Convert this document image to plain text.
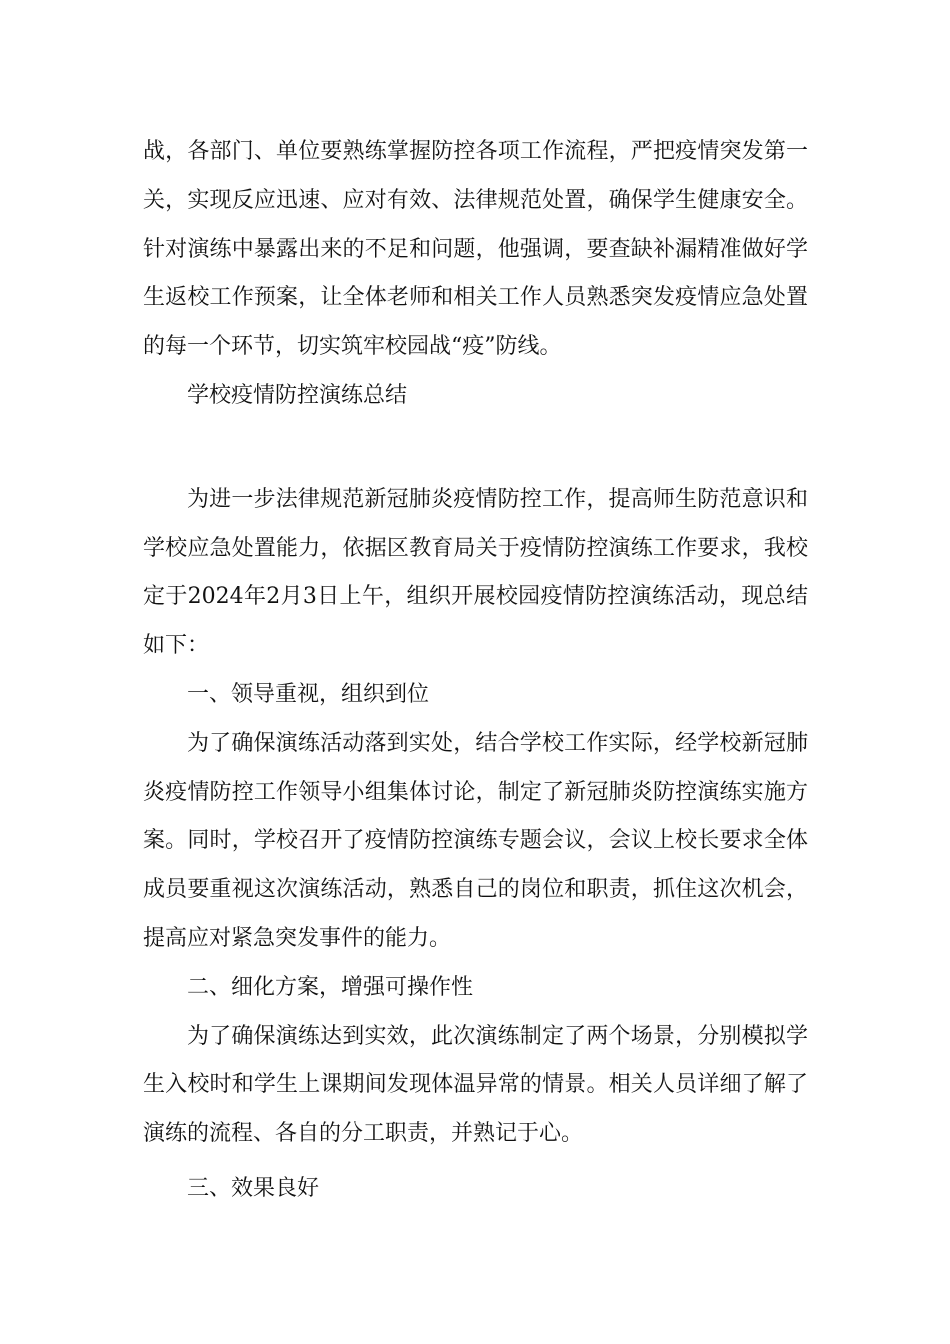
战，各部门、单位要熟练掌握防控各项工作流程，严把疫情突发第一关，实现反应迅速、应对有效、法律规范处置，确保学生健康安全。针对演练中暴露出来的不足和问题，他强调，要查缺补漏精准做好学生返校工作预案，让全体老师和相关工作人员熟悉突发疫情应急处置的每一个环节，切实筑牢校园战“疫”防线。

学校疫情防控演练总结

为进一步法律规范新冠肺炎疫情防控工作，提高师生防范意识和学校应急处置能力，依据区教育局关于疫情防控演练工作要求，我校定于2024年2月3日上午，组织开展校园疫情防控演练活动，现总结如下：

一、领导重视，组织到位

为了确保演练活动落到实处，结合学校工作实际，经学校新冠肺炎疫情防控工作领导小组集体讨论，制定了新冠肺炎防控演练实施方案。同时，学校召开了疫情防控演练专题会议，会议上校长要求全体成员要重视这次演练活动，熟悉自己的岗位和职责，抓住这次机会，提高应对紧急突发事件的能力。

二、细化方案，增强可操作性

为了确保演练达到实效，此次演练制定了两个场景，分别模拟学生入校时和学生上课期间发现体温异常的情景。相关人员详细了解了演练的流程、各自的分工职责，并熟记于心。

三、效果良好
